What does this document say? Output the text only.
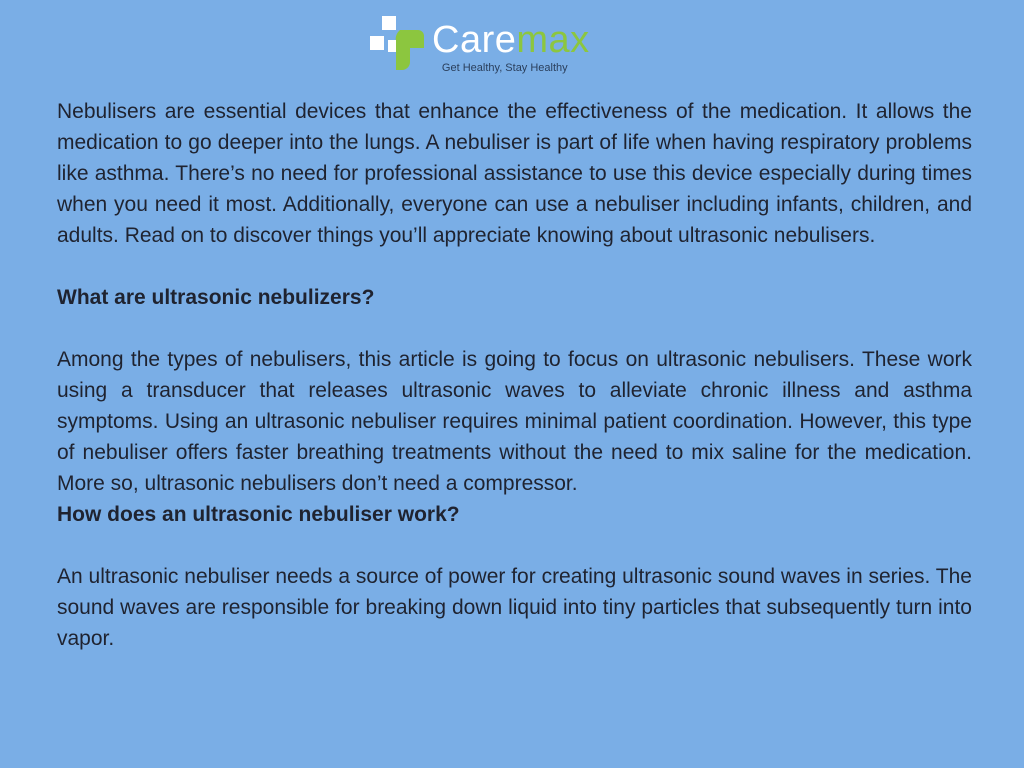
Caremax
Get Healthy, Stay Healthy

Nebulisers are essential devices that enhance the effectiveness of the medication. It allows the medication to go deeper into the lungs. A nebuliser is part of life when having respiratory problems like asthma. There’s no need for professional assistance to use this device especially during times when you need it most. Additionally, everyone can use a nebuliser including infants, children, and adults. Read on to discover things you’ll appreciate knowing about ultrasonic nebulisers.

What are ultrasonic nebulizers?

Among the types of nebulisers, this article is going to focus on ultrasonic nebulisers. These work using a transducer that releases ultrasonic waves to alleviate chronic illness and asthma symptoms. Using an ultrasonic nebuliser requires minimal patient coordination. However, this type of nebuliser offers faster breathing treatments without the need to mix saline for the medication. More so, ultrasonic nebulisers don’t need a compressor.

How does an ultrasonic nebuliser work?

An ultrasonic nebuliser needs a source of power for creating ultrasonic sound waves in series. The sound waves are responsible for breaking down liquid into tiny particles that subsequently turn into vapor.
